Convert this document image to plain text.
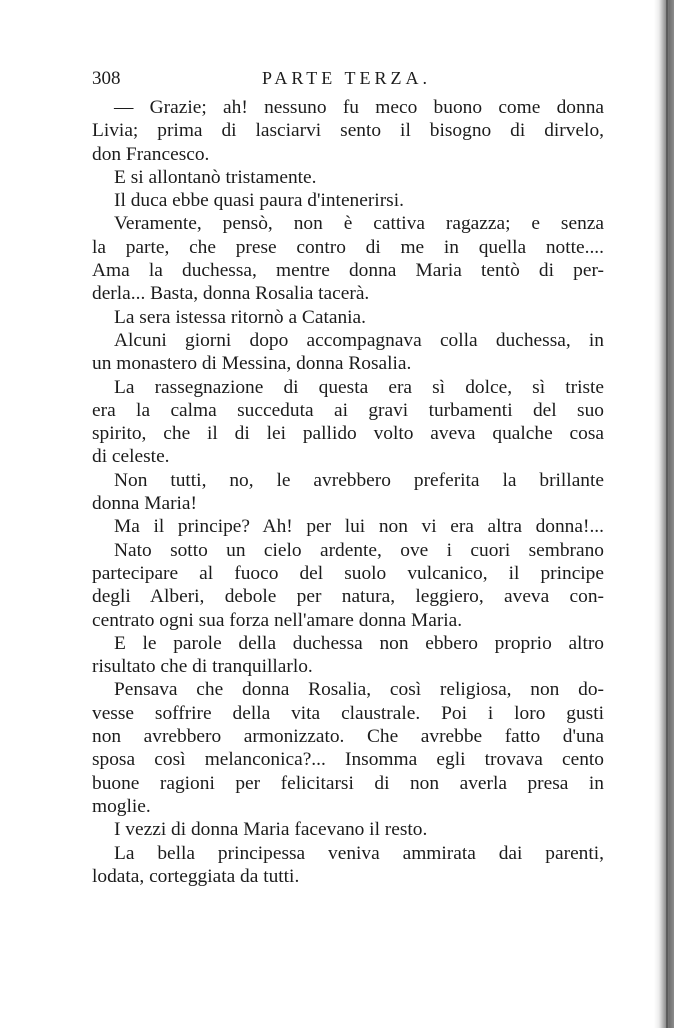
308	PARTE TERZA.
— Grazie; ah! nessuno fu meco buono come donna
Livia; prima di lasciarvi sento il bisogno di dirvelo,
don Francesco.
E si allontanò tristamente.
Il duca ebbe quasi paura d'intenerirsi.
Veramente, pensò, non è cattiva ragazza; e senza
la parte, che prese contro di me in quella notte....
Ama la duchessa, mentre donna Maria tentò di per-
derla... Basta, donna Rosalia tacerà.
La sera istessa ritornò a Catania.
Alcuni giorni dopo accompagnava colla duchessa, in
un monastero di Messina, donna Rosalia.
La rassegnazione di questa era sì dolce, sì triste
era la calma succeduta ai gravi turbamenti del suo
spirito, che il di lei pallido volto aveva qualche cosa
di celeste.
Non tutti, no, le avrebbero preferita la brillante
donna Maria!
Ma il principe? Ah! per lui non vi era altra donna!...
Nato sotto un cielo ardente, ove i cuori sembrano
partecipare al fuoco del suolo vulcanico, il principe
degli Alberi, debole per natura, leggiero, aveva con-
centrato ogni sua forza nell'amare donna Maria.
E le parole della duchessa non ebbero proprio altro
risultato che di tranquillarlo.
Pensava che donna Rosalia, così religiosa, non do-
vesse soffrire della vita claustrale. Poi i loro gusti
non avrebbero armonizzato. Che avrebbe fatto d'una
sposa così melanconica?... Insomma egli trovava cento
buone ragioni per felicitarsi di non averla presa in
moglie.
I vezzi di donna Maria facevano il resto.
La bella principessa veniva ammirata dai parenti,
lodata, corteggiata da tutti.
